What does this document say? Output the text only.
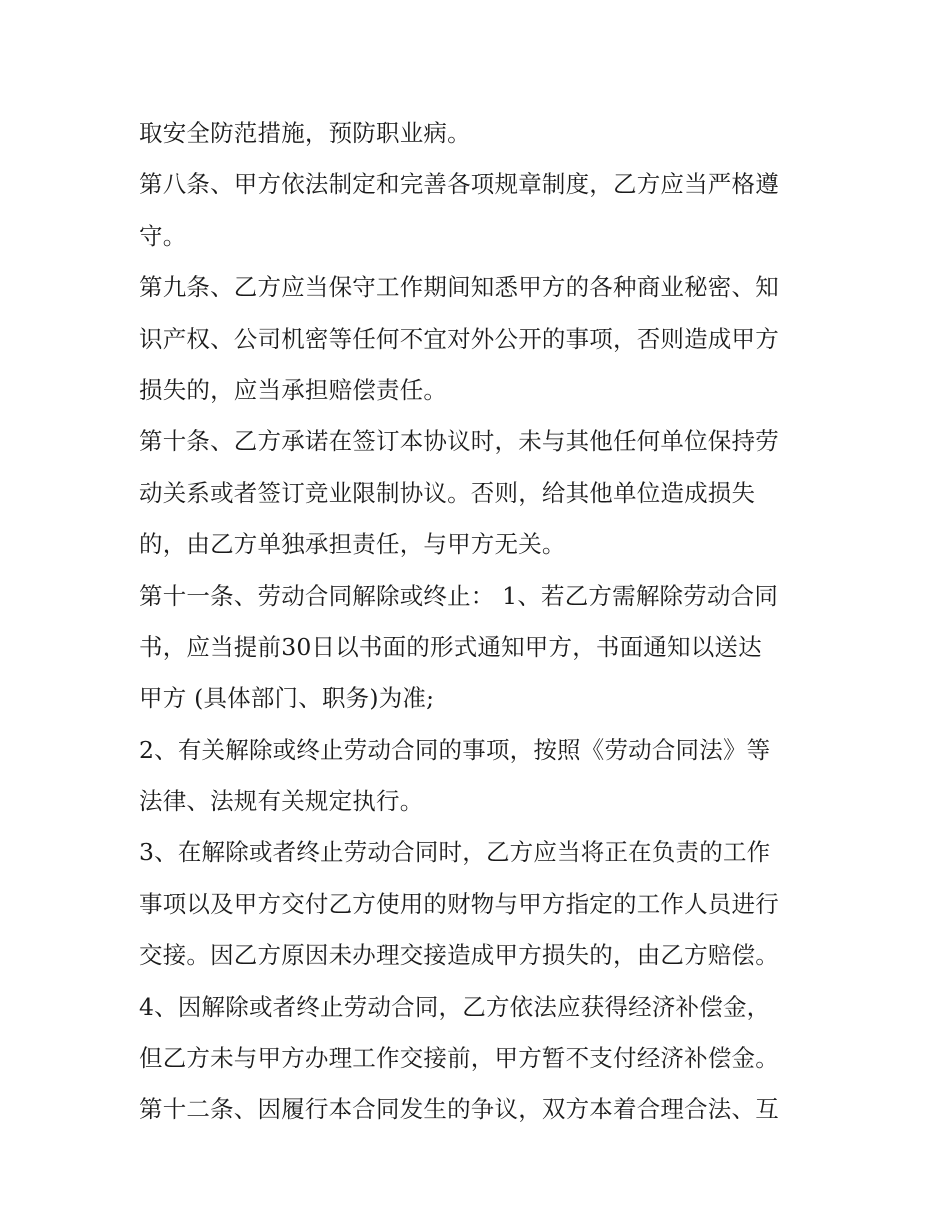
取安全防范措施，预防职业病。
第八条、甲方依法制定和完善各项规章制度，乙方应当严格遵
守。
第九条、乙方应当保守工作期间知悉甲方的各种商业秘密、知
识产权、公司机密等任何不宜对外公开的事项，否则造成甲方
损失的，应当承担赔偿责任。
第十条、乙方承诺在签订本协议时，未与其他任何单位保持劳
动关系或者签订竞业限制协议。否则，给其他单位造成损失
的，由乙方单独承担责任，与甲方无关。
第十一条、劳动合同解除或终止： 1、若乙方需解除劳动合同
书，应当提前30日以书面的形式通知甲方，书面通知以送达
甲方 (具体部门、职务)为准;
2、有关解除或终止劳动合同的事项，按照《劳动合同法》等
法律、法规有关规定执行。
3、在解除或者终止劳动合同时，乙方应当将正在负责的工作
事项以及甲方交付乙方使用的财物与甲方指定的工作人员进行
交接。因乙方原因未办理交接造成甲方损失的，由乙方赔偿。
4、因解除或者终止劳动合同，乙方依法应获得经济补偿金，
但乙方未与甲方办理工作交接前，甲方暂不支付经济补偿金。
第十二条、因履行本合同发生的争议，双方本着合理合法、互
